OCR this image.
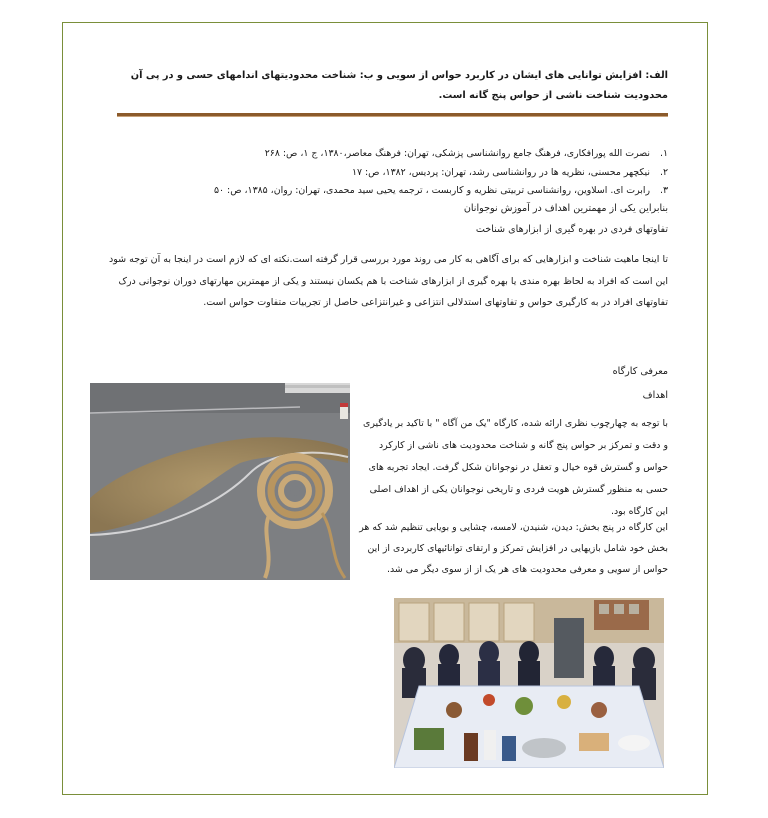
الف: افزایش توانایی های ایشان در کاربرد حواس از سویی و ب: شناخت محدودیتهای اندامهای حسی و در پی آن محدودیت شناخت ناشی از حواس پنج گانه است.
۱.
نصرت الله پورافکاری، فرهنگ جامع روانشناسی پزشکی، تهران: فرهنگ معاصر،۱۳۸۰، ج ۱، ص: ۲۶۸
۲.
نیکچهر محسنی، نظریه ها در روانشناسی رشد، تهران: پردیس، ۱۳۸۲، ص: ۱۷
۳.
رابرت ای. اسلاوین، روانشناسی تربیتی نظریه و کاربست ، ترجمه یحیی سید محمدی، تهران: روان، ۱۳۸۵، ص: ۵۰
بنابراین یکی از مهمترین اهداف در آموزش نوجوانان
تفاوتهای فردی در بهره گیری از ابزارهای شناخت
تا اینجا ماهیت شناخت و ابزارهایی که برای آگاهی به کار می روند مورد بررسی قرار گرفته است.نکته ای که لازم است در اینجا به آن توجه شود این است که افراد به لحاظ بهره مندی یا بهره گیری از ابزارهای شناخت با هم یکسان نیستند و یکی از مهمترین مهارتهای دوران نوجوانی درک تفاوتهای افراد در به کارگیری حواس و تفاوتهای استدلالی انتزاعی و غیرانتزاعی حاصل از تجربیات متفاوت حواس است.
معرفی کارگاه
اهداف
با توجه به چهارچوب نظری ارائه شده، کارگاه "یک من آگاه " با تاکید بر یادگیری و دقت و تمرکز بر حواس پنج گانه و شناخت محدودیت های ناشی از کارکرد حواس و گسترش قوه خیال و تعقل در نوجوانان شکل گرفت. ایجاد تجربه های حسی به منظور گسترش هویت فردی و تاریخی نوجوانان یکی از اهداف اصلی این کارگاه بود.
این کارگاه در پنج بخش: دیدن، شنیدن، لامسه، چشایی و بویایی تنظیم شد که هر بخش خود شامل بازیهایی در افزایش تمرکز و ارتقای توانائیهای کاربردی از این حواس از سویی و معرفی محدودیت های هر یک از از سوی دیگر می شد.
